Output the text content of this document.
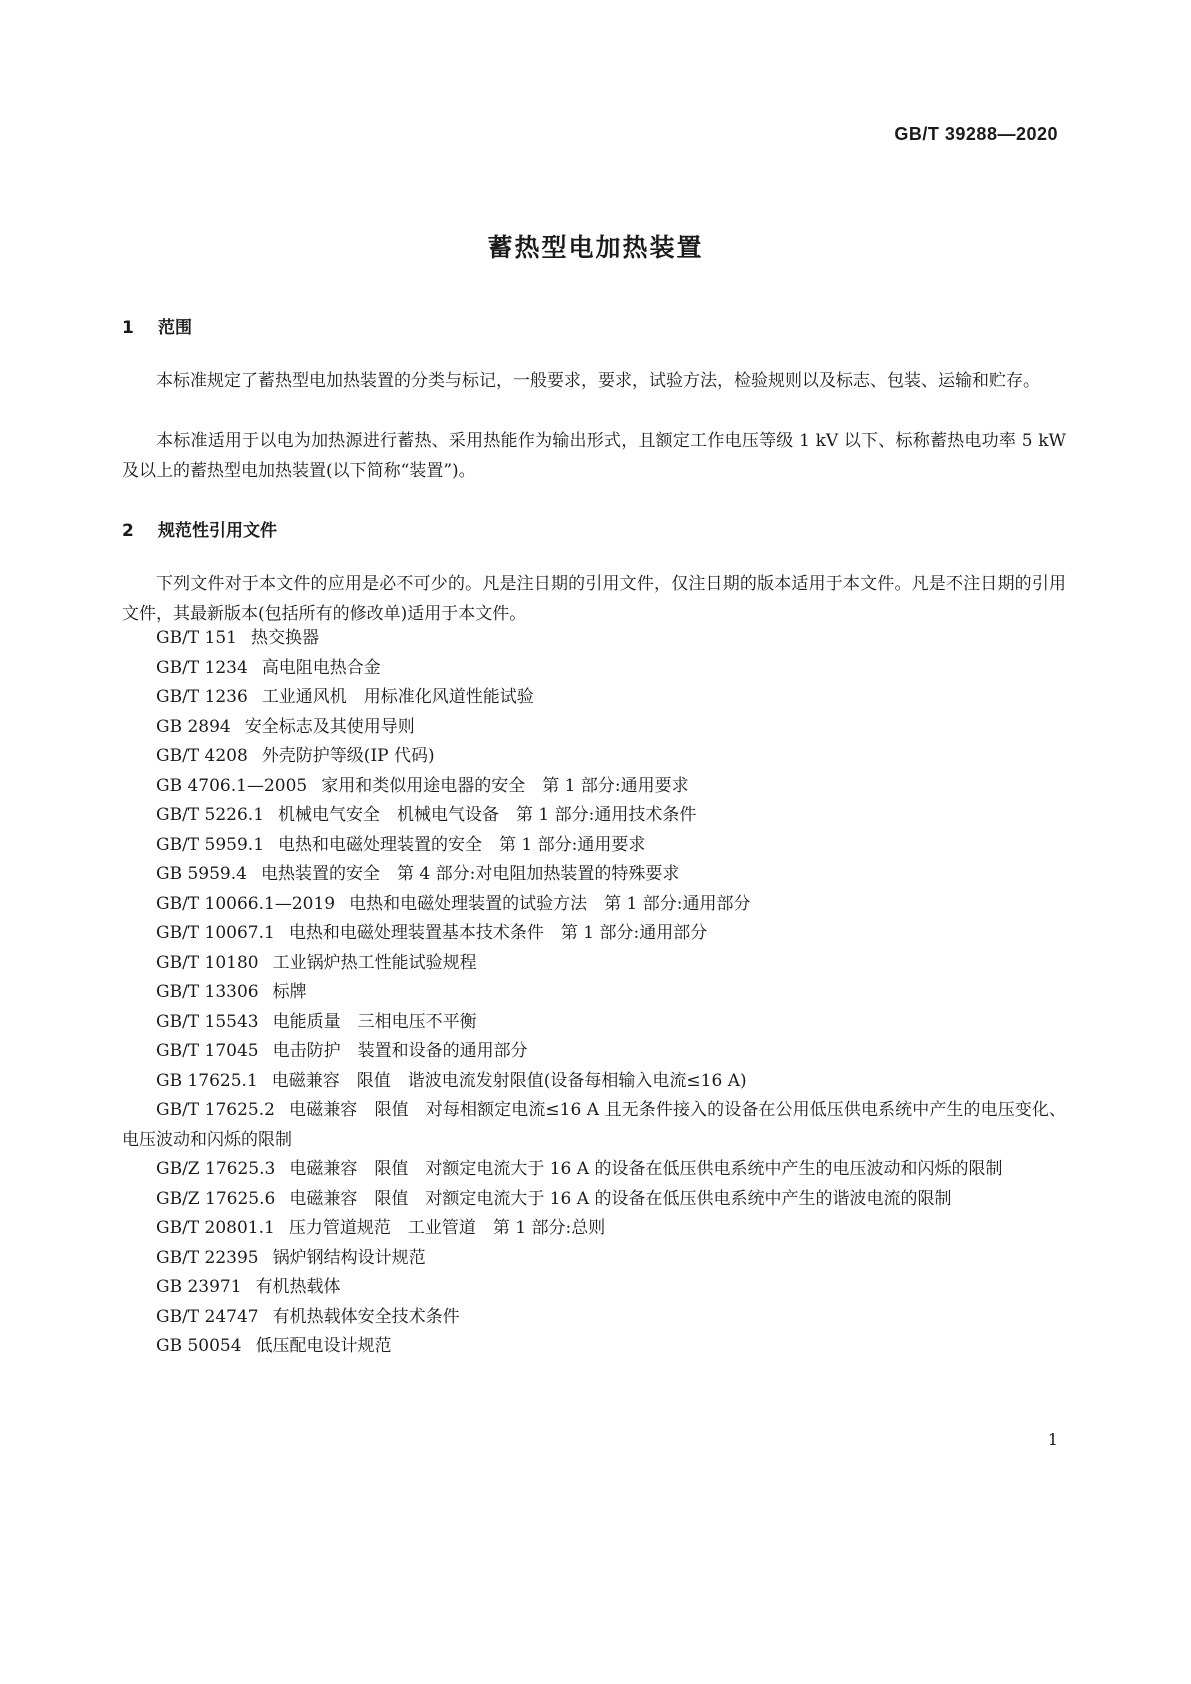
GB/T 39288—2020
蓄热型电加热装置
1 范围

本标准规定了蓄热型电加热装置的分类与标记，一般要求，要求，试验方法，检验规则以及标志、包装、运输和贮存。

本标准适用于以电为加热源进行蓄热、采用热能作为输出形式，且额定工作电压等级 1 kV 以下、标称蓄热电功率 5 kW 及以上的蓄热型电加热装置(以下简称“装置”)。

2 规范性引用文件

下列文件对于本文件的应用是必不可少的。凡是注日期的引用文件，仅注日期的版本适用于本文件。凡是不注日期的引用文件，其最新版本(包括所有的修改单)适用于本文件。

GB/T 151 热交换器
GB/T 1234 高电阻电热合金
GB/T 1236 工业通风机　用标准化风道性能试验
GB 2894 安全标志及其使用导则
GB/T 4208 外壳防护等级(IP 代码)
GB 4706.1—2005 家用和类似用途电器的安全　第 1 部分:通用要求
GB/T 5226.1 机械电气安全　机械电气设备　第 1 部分:通用技术条件
GB/T 5959.1 电热和电磁处理装置的安全　第 1 部分:通用要求
GB 5959.4 电热装置的安全　第 4 部分:对电阻加热装置的特殊要求
GB/T 10066.1—2019 电热和电磁处理装置的试验方法　第 1 部分:通用部分
GB/T 10067.1 电热和电磁处理装置基本技术条件　第 1 部分:通用部分
GB/T 10180 工业锅炉热工性能试验规程
GB/T 13306 标牌
GB/T 15543 电能质量　三相电压不平衡
GB/T 17045 电击防护　装置和设备的通用部分
GB 17625.1 电磁兼容　限值　谐波电流发射限值(设备每相输入电流≤16 A)
GB/T 17625.2 电磁兼容　限值　对每相额定电流≤16 A 且无条件接入的设备在公用低压供电系统中产生的电压变化、电压波动和闪烁的限制
GB/Z 17625.3 电磁兼容　限值　对额定电流大于 16 A 的设备在低压供电系统中产生的电压波动和闪烁的限制
GB/Z 17625.6 电磁兼容　限值　对额定电流大于 16 A 的设备在低压供电系统中产生的谐波电流的限制
GB/T 20801.1 压力管道规范　工业管道　第 1 部分:总则
GB/T 22395 锅炉钢结构设计规范
GB 23971 有机热载体
GB/T 24747 有机热载体安全技术条件
GB 50054 低压配电设计规范
1
